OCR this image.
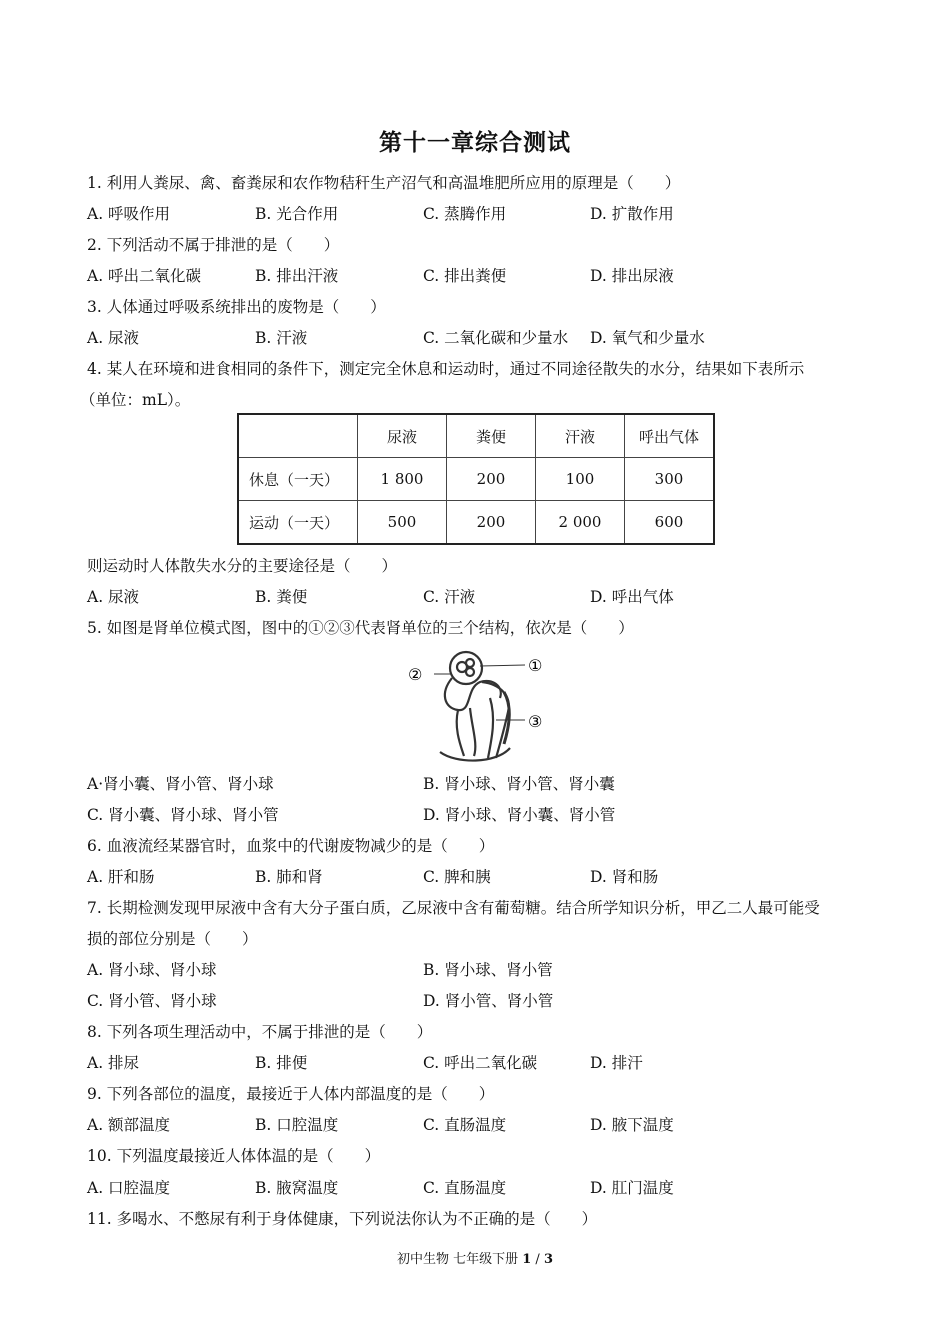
第十一章综合测试
1. 利用人粪尿、禽、畜粪尿和农作物秸秆生产沼气和高温堆肥所应用的原理是（　　）
A. 呼吸作用	B. 光合作用	C. 蒸腾作用	D. 扩散作用
2. 下列活动不属于排泄的是（　　）
A. 呼出二氧化碳	B. 排出汗液	C. 排出粪便	D. 排出尿液
3. 人体通过呼吸系统排出的废物是（　　）
A. 尿液	B. 汗液	C. 二氧化碳和少量水 D. 氧气和少量水
4. 某人在环境和进食相同的条件下，测定完全休息和运动时，通过不同途径散失的水分，结果如下表所示
（单位：mL）。
	尿液	粪便	汗液	呼出气体
休息（一天）	1 800	200	100	300
运动（一天）	500	200	2 000	600
则运动时人体散失水分的主要途径是（　　）
A. 尿液	B. 粪便	C. 汗液	D. 呼出气体
5. 如图是肾单位模式图，图中的①②③代表肾单位的三个结构，依次是（　　）
①
②
③
A·肾小囊、肾小管、肾小球	B. 肾小球、肾小管、肾小囊
C. 肾小囊、肾小球、肾小管	D. 肾小球、肾小囊、肾小管
6. 血液流经某器官时，血浆中的代谢废物减少的是（　　）
A. 肝和肠	B. 肺和肾	C. 脾和胰	D. 肾和肠
7. 长期检测发现甲尿液中含有大分子蛋白质，乙尿液中含有葡萄糖。结合所学知识分析，甲乙二人最可能受
损的部位分别是（　　）
A. 肾小球、肾小球	B. 肾小球、肾小管
C. 肾小管、肾小球	D. 肾小管、肾小管
8. 下列各项生理活动中，不属于排泄的是（　　）
A. 排尿	B. 排便	C. 呼出二氧化碳	D. 排汗
9. 下列各部位的温度，最接近于人体内部温度的是（　　）
A. 额部温度	B. 口腔温度	C. 直肠温度	D. 腋下温度
10. 下列温度最接近人体体温的是（　　）
A. 口腔温度	B. 腋窝温度	C. 直肠温度	D. 肛门温度
11. 多喝水、不憋尿有利于身体健康，下列说法你认为不正确的是（　　）
初中生物 七年级下册 1 / 3
